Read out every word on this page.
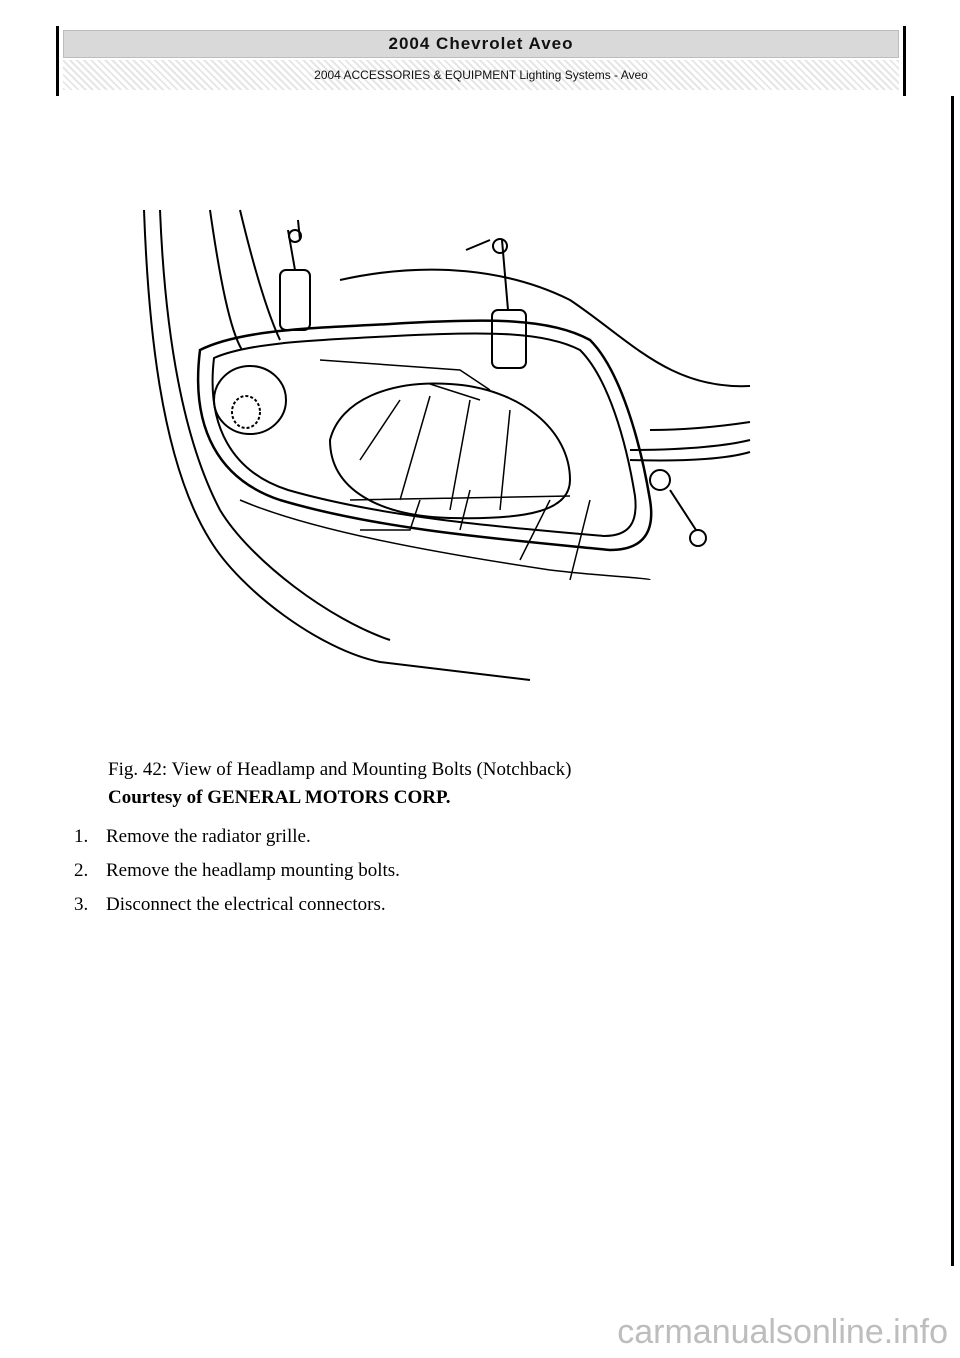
2004 Chevrolet Aveo
2004 ACCESSORIES & EQUIPMENT Lighting Systems - Aveo
Fig. 42: View of Headlamp and Mounting Bolts (Notchback)
Courtesy of GENERAL MOTORS CORP.
1. Remove the radiator grille.
2. Remove the headlamp mounting bolts.
3. Disconnect the electrical connectors.
carmanualsonline.info
